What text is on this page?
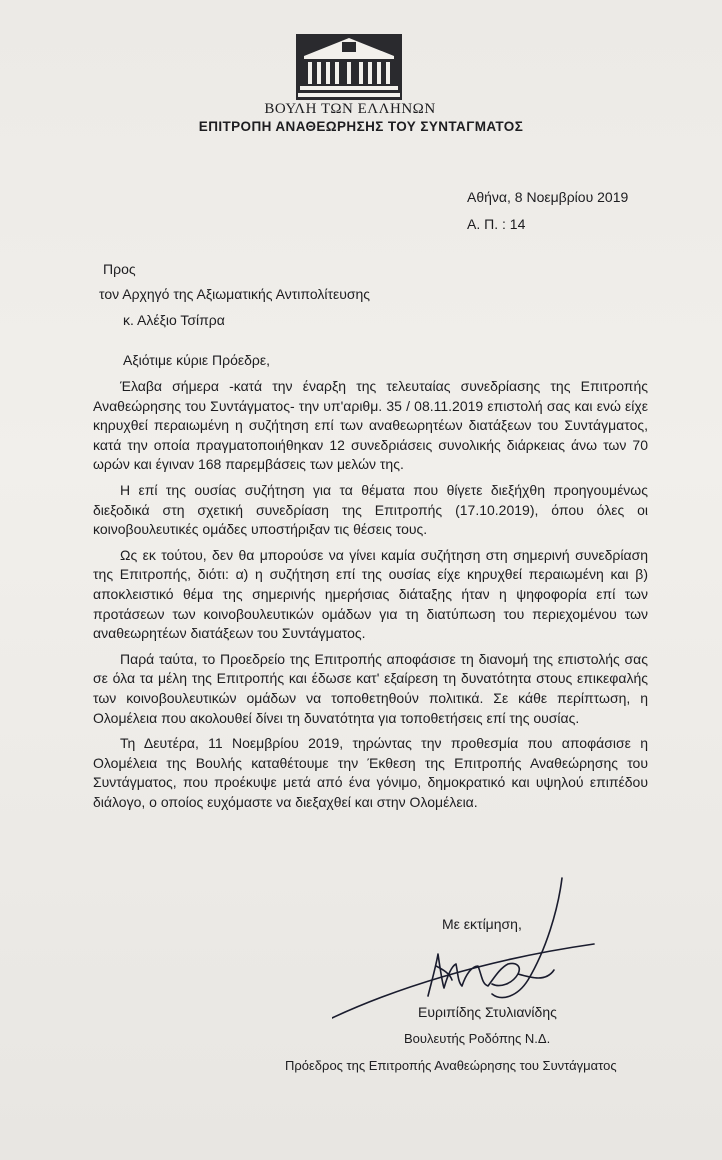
ΒΟΥΛΗ ΤΩΝ ΕΛΛΗΝΩΝ
ΕΠΙΤΡΟΠΗ ΑΝΑΘΕΩΡΗΣΗΣ ΤΟΥ ΣΥΝΤΑΓΜΑΤΟΣ
Αθήνα, 8 Νοεμβρίου 2019
Α. Π. : 14
Προς
τον Αρχηγό της Αξιωματικής Αντιπολίτευσης
κ. Αλέξιο Τσίπρα
Αξιότιμε κύριε Πρόεδρε,

Έλαβα σήμερα -κατά την έναρξη της τελευταίας συνεδρίασης της Επιτροπής Αναθεώρησης του Συντάγματος- την υπ'αριθμ. 35 / 08.11.2019 επιστολή σας και ενώ είχε κηρυχθεί περαιωμένη η συζήτηση επί των αναθεωρητέων διατάξεων του Συντάγματος, κατά την οποία πραγματοποιήθηκαν 12 συνεδριάσεις συνολικής διάρκειας άνω των 70 ωρών και έγιναν 168 παρεμβάσεις των μελών της.

Η επί της ουσίας συζήτηση για τα θέματα που θίγετε διεξήχθη προηγουμένως διεξοδικά στη σχετική συνεδρίαση της Επιτροπής (17.10.2019), όπου όλες οι κοινοβουλευτικές ομάδες υποστήριξαν τις θέσεις τους.

Ως εκ τούτου, δεν θα μπορούσε να γίνει καμία συζήτηση στη σημερινή συνεδρίαση της Επιτροπής, διότι: α) η συζήτηση επί της ουσίας είχε κηρυχθεί περαιωμένη και β) αποκλειστικό θέμα της σημερινής ημερήσιας διάταξης ήταν η ψηφοφορία επί των προτάσεων των κοινοβουλευτικών ομάδων για τη διατύπωση του περιεχομένου των αναθεωρητέων διατάξεων του Συντάγματος.

Παρά ταύτα, το Προεδρείο της Επιτροπής αποφάσισε τη διανομή της επιστολής σας σε όλα τα μέλη της Επιτροπής και έδωσε κατ' εξαίρεση τη δυνατότητα στους επικεφαλής των κοινοβουλευτικών ομάδων να τοποθετηθούν πολιτικά. Σε κάθε περίπτωση, η Ολομέλεια που ακολουθεί δίνει τη δυνατότητα για τοποθετήσεις επί της ουσίας.

Τη Δευτέρα, 11 Νοεμβρίου 2019, τηρώντας την προθεσμία που αποφάσισε η Ολομέλεια της Βουλής καταθέτουμε την Έκθεση της Επιτροπής Αναθεώρησης του Συντάγματος, που προέκυψε μετά από ένα γόνιμο, δημοκρατικό και υψηλού επιπέδου διάλογο, ο οποίος ευχόμαστε να διεξαχθεί και στην Ολομέλεια.

Με εκτίμηση,
Ευριπίδης Στυλιανίδης
Βουλευτής Ροδόπης Ν.Δ.
Πρόεδρος της Επιτροπής Αναθεώρησης του Συντάγματος
